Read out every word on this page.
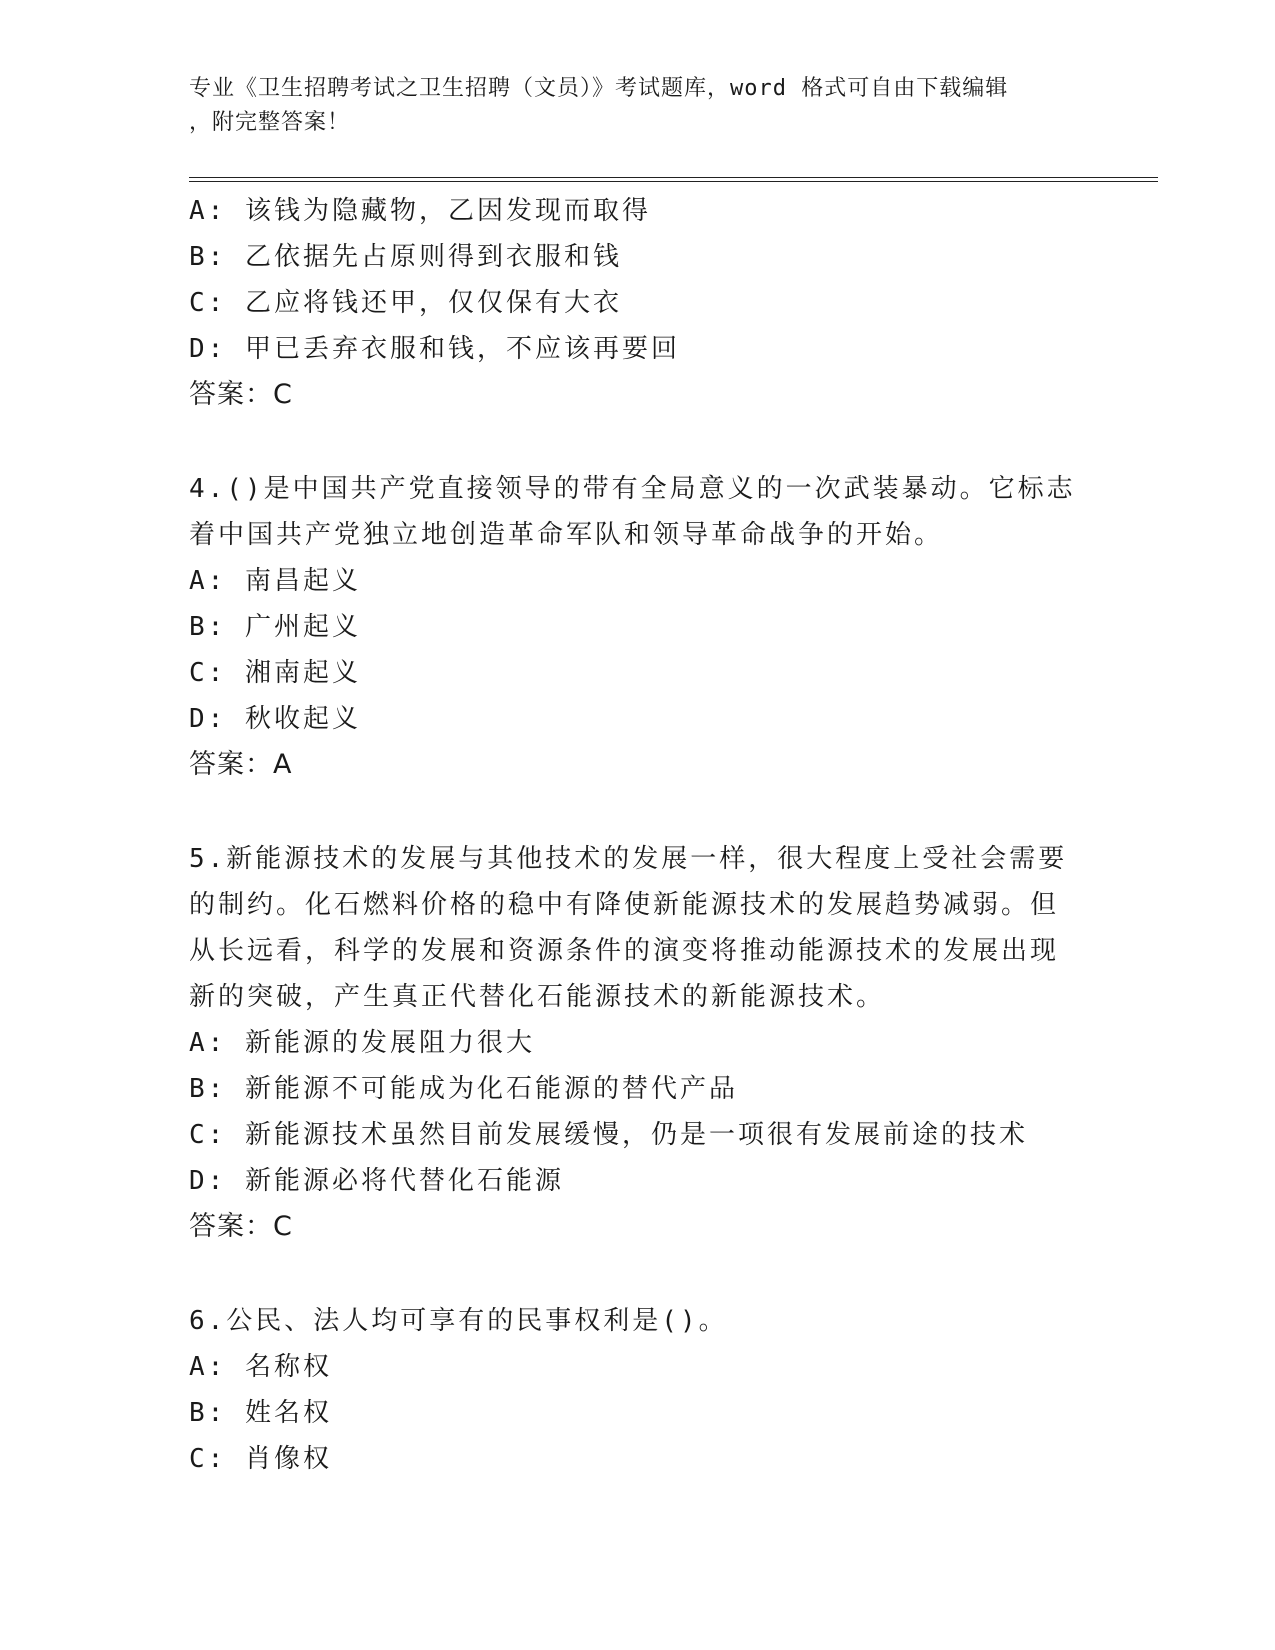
专业《卫生招聘考试之卫生招聘（文员）》考试题库，word 格式可自由下载编辑
，附完整答案！
A: 该钱为隐藏物，乙因发现而取得
B: 乙依据先占原则得到衣服和钱
C: 乙应将钱还甲，仅仅保有大衣
D: 甲已丢弃衣服和钱，不应该再要回
答案：C
4.()是中国共产党直接领导的带有全局意义的一次武装暴动。它标志
着中国共产党独立地创造革命军队和领导革命战争的开始。
A: 南昌起义
B: 广州起义
C: 湘南起义
D: 秋收起义
答案：A
5.新能源技术的发展与其他技术的发展一样，很大程度上受社会需要
的制约。化石燃料价格的稳中有降使新能源技术的发展趋势减弱。但
从长远看，科学的发展和资源条件的演变将推动能源技术的发展出现
新的突破，产生真正代替化石能源技术的新能源技术。
A: 新能源的发展阻力很大
B: 新能源不可能成为化石能源的替代产品
C: 新能源技术虽然目前发展缓慢，仍是一项很有发展前途的技术
D: 新能源必将代替化石能源
答案：C
6.公民、法人均可享有的民事权利是()。
A: 名称权
B: 姓名权
C: 肖像权
